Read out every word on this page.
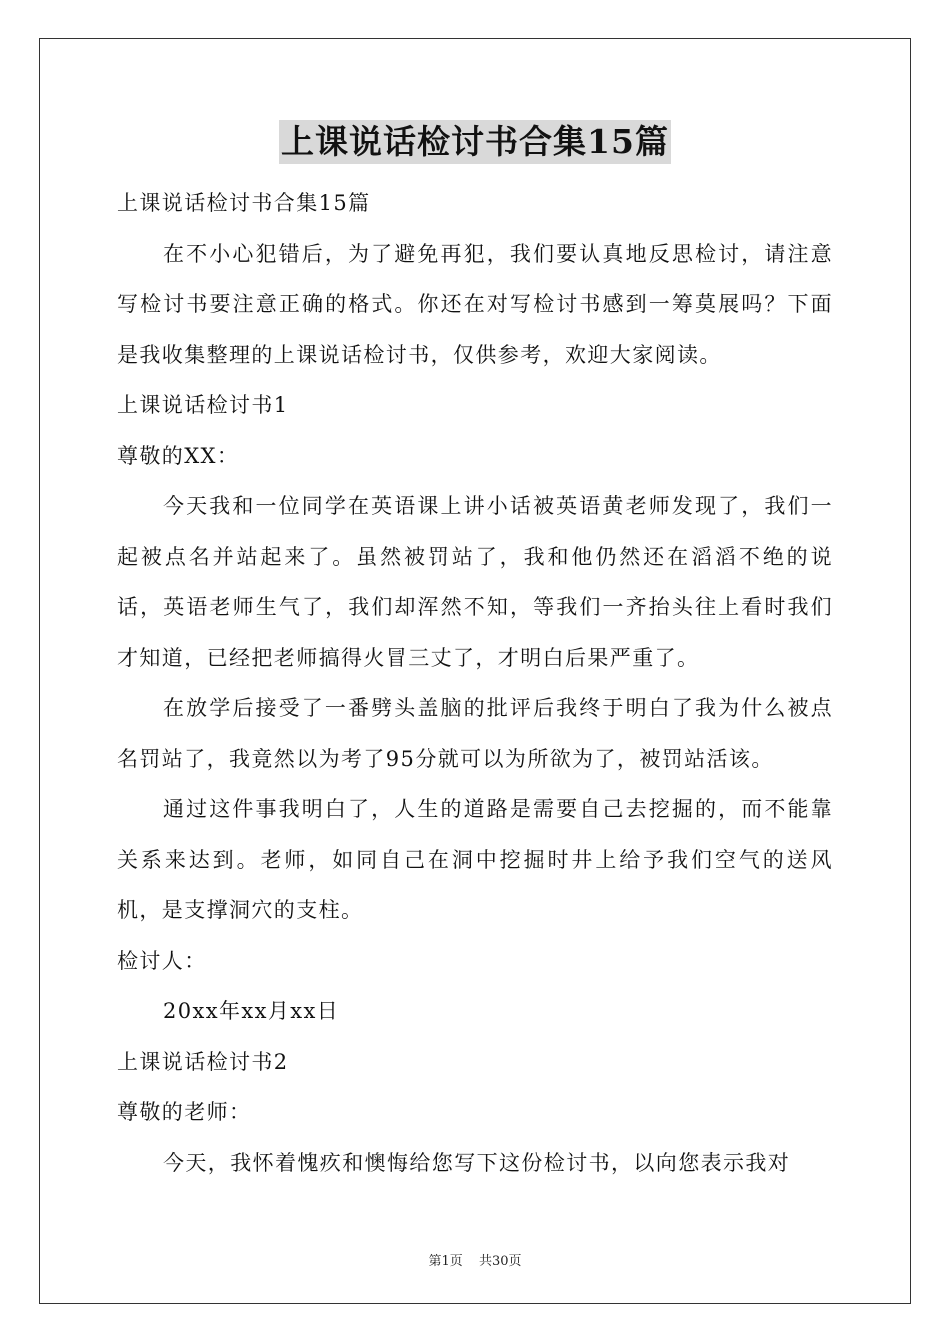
上课说话检讨书合集15篇

上课说话检讨书合集15篇

在不小心犯错后，为了避免再犯，我们要认真地反思检讨，请注意写检讨书要注意正确的格式。你还在对写检讨书感到一筹莫展吗？下面是我收集整理的上课说话检讨书，仅供参考，欢迎大家阅读。

上课说话检讨书1

尊敬的XX：

今天我和一位同学在英语课上讲小话被英语黄老师发现了，我们一起被点名并站起来了。虽然被罚站了，我和他仍然还在滔滔不绝的说话，英语老师生气了，我们却浑然不知，等我们一齐抬头往上看时我们才知道，已经把老师搞得火冒三丈了，才明白后果严重了。

在放学后接受了一番劈头盖脑的批评后我终于明白了我为什么被点名罚站了，我竟然以为考了95分就可以为所欲为了，被罚站活该。

通过这件事我明白了，人生的道路是需要自己去挖掘的，而不能靠关系来达到。老师，如同自己在洞中挖掘时井上给予我们空气的送风机，是支撑洞穴的支柱。

检讨人：

20xx年xx月xx日

上课说话检讨书2

尊敬的老师：

今天，我怀着愧疚和懊悔给您写下这份检讨书，以向您表示我对

第1页 共30页
